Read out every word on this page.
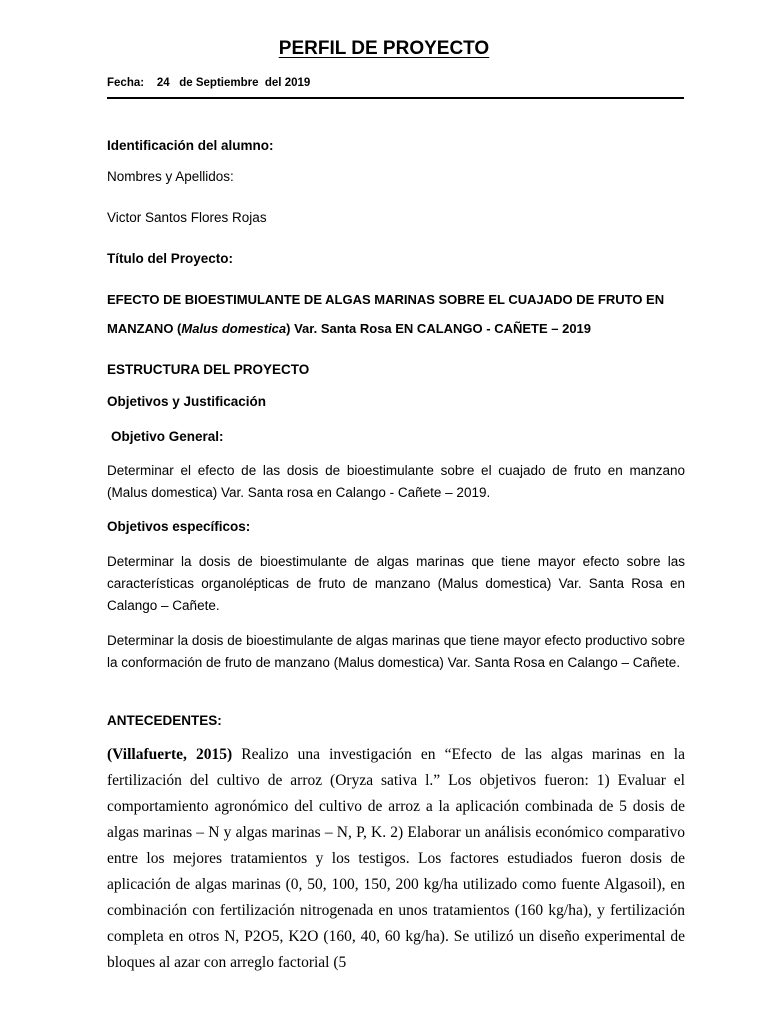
PERFIL DE PROYECTO
Fecha: 24 de Septiembre  del 2019
Identificación del alumno:
Nombres y Apellidos:
Victor Santos Flores Rojas
Título del Proyecto:
EFECTO DE BIOESTIMULANTE DE ALGAS MARINAS SOBRE EL CUAJADO DE FRUTO EN MANZANO (Malus domestica) Var. Santa Rosa EN CALANGO - CAÑETE – 2019
ESTRUCTURA DEL PROYECTO
Objetivos y Justificación
Objetivo General:

Determinar el efecto de las dosis de bioestimulante sobre el cuajado de fruto en manzano (Malus domestica) Var. Santa rosa en Calango - Cañete – 2019.

Objetivos específicos:

Determinar la dosis de bioestimulante de algas marinas que tiene mayor efecto sobre las características organolépticas de fruto de manzano (Malus domestica) Var. Santa Rosa en Calango – Cañete.

Determinar la dosis de bioestimulante de algas marinas que tiene mayor efecto productivo sobre la conformación de fruto de manzano (Malus domestica) Var. Santa Rosa en Calango – Cañete.

ANTECEDENTES:

(Villafuerte, 2015) Realizo una investigación en “Efecto de las algas marinas en la fertilización del cultivo de arroz (Oryza sativa l.” Los objetivos fueron: 1) Evaluar el comportamiento agronómico del cultivo de arroz a la aplicación combinada de 5 dosis de algas marinas – N y algas marinas – N, P, K. 2) Elaborar un análisis económico comparativo entre los mejores tratamientos y los testigos. Los factores estudiados fueron dosis de aplicación de algas marinas (0, 50, 100, 150, 200 kg/ha utilizado como fuente Algasoil), en combinación con fertilización nitrogenada en unos tratamientos (160 kg/ha), y fertilización completa en otros N, P2O5, K2O (160, 40, 60 kg/ha). Se utilizó un diseño experimental de bloques al azar con arreglo factorial (5
